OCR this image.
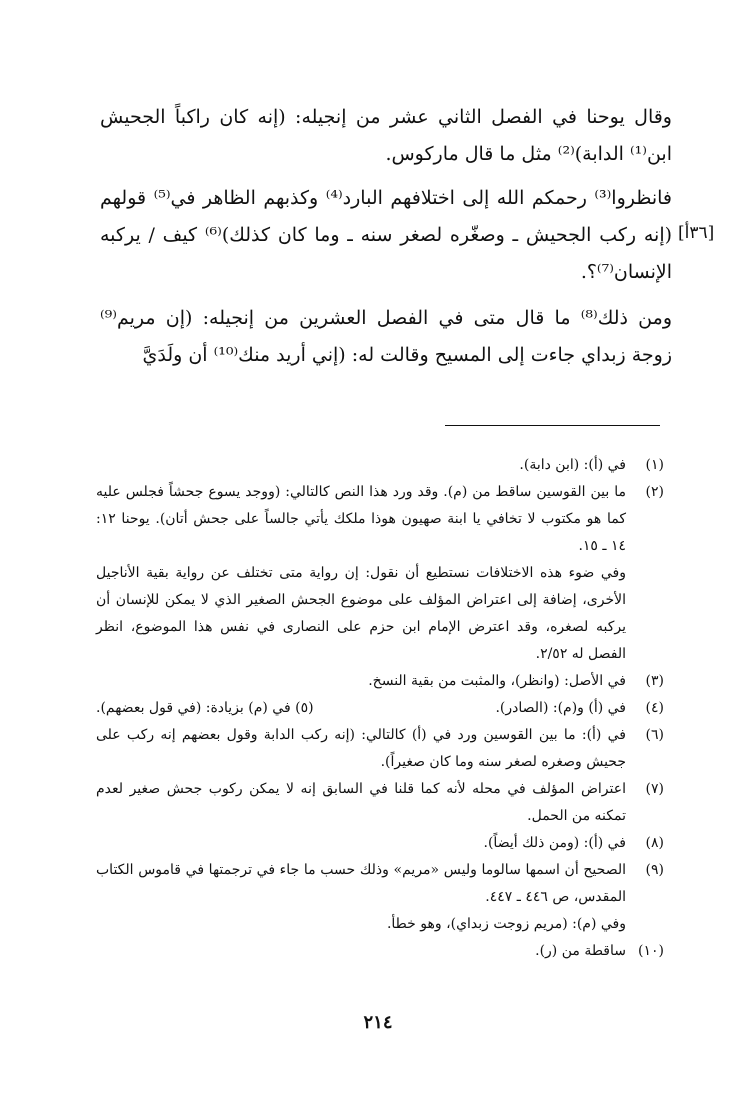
وقال يوحنا في الفصل الثاني عشر من إنجيله: (إنه كان راكباً الجحيش ابن⁽¹⁾ الدابة)⁽²⁾ مثل ما قال ماركوس.

فانظروا⁽³⁾ رحمكم الله إلى اختلافهم البارد⁽⁴⁾ وكذبهم الظاهر في⁽⁵⁾ قولهم (إنه ركب الجحيش ـ وصغّره لصغر سنه ـ وما كان كذلك)⁽⁶⁾ كيف / يركبه الإنسان⁽⁷⁾؟.

ومن ذلك⁽⁸⁾ ما قال متى في الفصل العشرين من إنجيله: (إن مريم⁽⁹⁾ زوجة زبداي جاءت إلى المسيح وقالت له: (إني أريد منك⁽¹⁰⁾ أن ولَدَيَّ

[٣٦أ]
(١)
في (أ): (ابن دابة).
(٢)
ما بين القوسين ساقط من (م). وقد ورد هذا النص كالتالي: (ووجد يسوع جحشاً فجلس عليه كما هو مكتوب لا تخافي يا ابنة صهيون هوذا ملكك يأتي جالساً على جحش أتان). يوحنا ١٢: ١٤ ـ ١٥.
وفي ضوء هذه الاختلافات نستطيع أن نقول: إن رواية متى تختلف عن رواية بقية الأناجيل الأخرى، إضافة إلى اعتراض المؤلف على موضوع الجحش الصغير الذي لا يمكن للإنسان أن يركبه لصغره، وقد اعترض الإمام ابن حزم على النصارى في نفس هذا الموضوع، انظر الفصل له ٢/٥٢.
(٣)
في الأصل: (وانظر)، والمثبت من بقية النسخ.
(٤)
في (أ) و(م): (الصادر).
(٥) في (م) بزيادة: (في قول بعضهم).
(٦)
في (أ): ما بين القوسين ورد في (أ) كالتالي: (إنه ركب الدابة وقول بعضهم إنه ركب على جحيش وصغره لصغر سنه وما كان صغيراً).
(٧)
اعتراض المؤلف في محله لأنه كما قلنا في السابق إنه لا يمكن ركوب جحش صغير لعدم تمكنه من الحمل.
(٨)
في (أ): (ومن ذلك أيضاً).
(٩)
الصحيح أن اسمها سالوما وليس «مريم» وذلك حسب ما جاء في ترجمتها في قاموس الكتاب المقدس، ص ٤٤٦ ـ ٤٤٧.
وفي (م): (مريم زوجت زبداي)، وهو خطأ.
(١٠)
ساقطة من (ر).
٢١٤
